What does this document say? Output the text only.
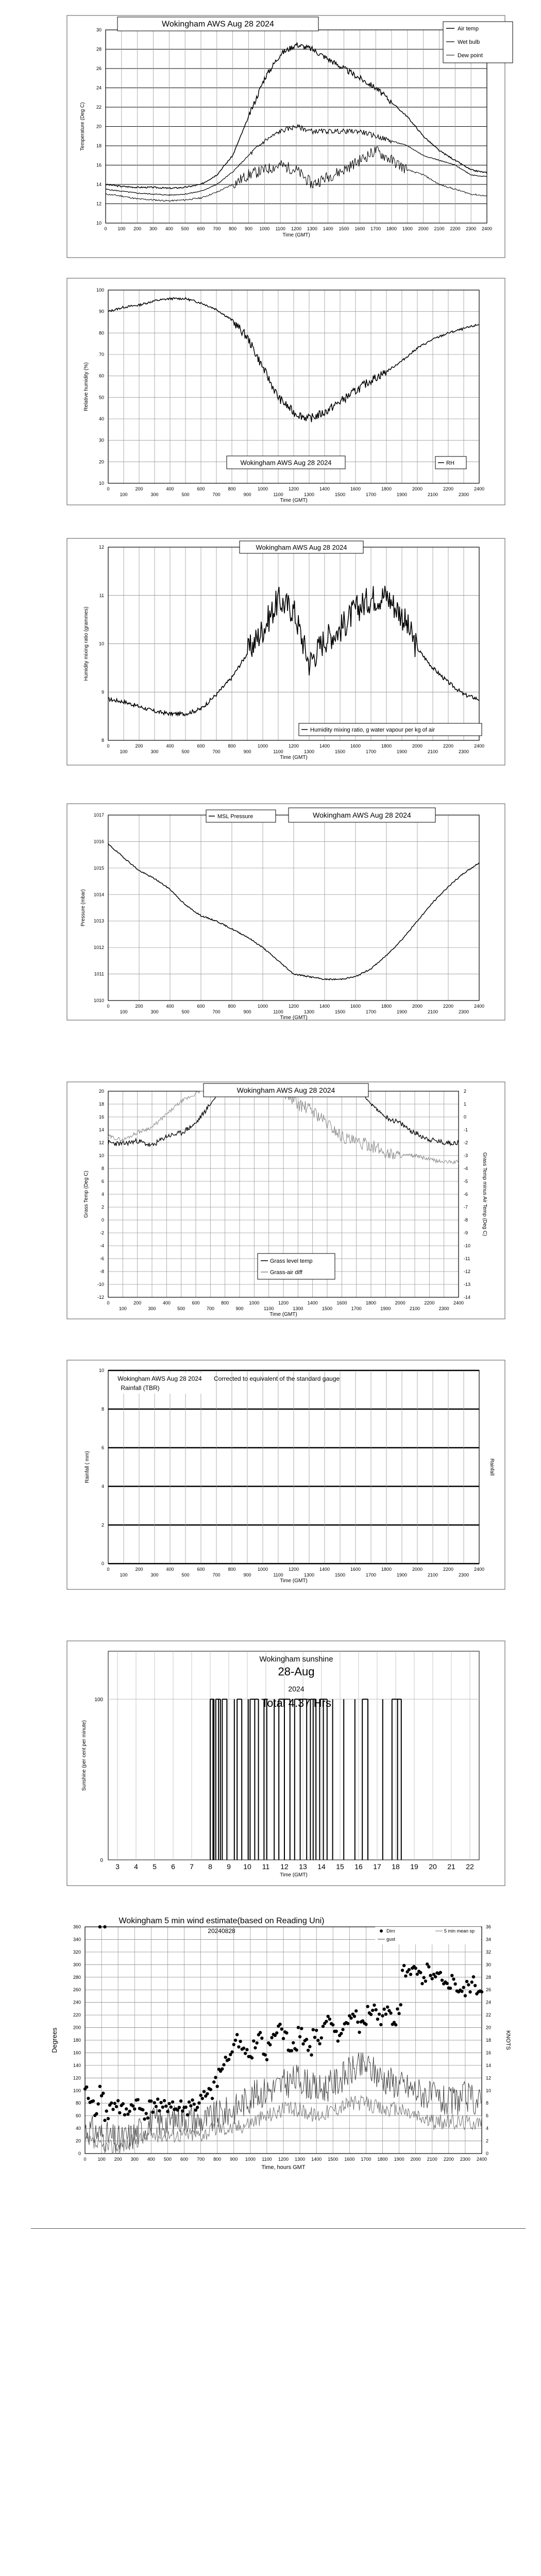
10
12
14
16
18
20
22
24
26
28
30
0 100 200 300 400 500 600 700 800 900 1000 1100 1200 1300 1400 1500 1600 1700 1800 1900 2000 2100 2200 2300 2400
Time (GMT)
Temperature (Deg C)
Wokingham AWS Aug 28 2024
Air temp
Wet bulb
Dew point
10
20
30
40
50
60
70
80
90
100
0	200	400	600	800	1000	1200	1400	1600	1800	2000	2200	2400
100	300	500	700	900	1100	1300	1500	1700	1900	2100	2300
Time (GMT)
Relative humidity (%)
Wokingham AWS Aug 28 2024	RH
8
9
10
11
12
0	200	400	600	800	1000	1200	1400	1600	1800	2000	2200	2400
100	300	500	700	900	1100	1300	1500	1700	1900	2100	2300
Time (GMT)
Humidity mixing ratio (grammes)
Wokingham AWS Aug 28 2024
Humidity mixing ratio, g water vapour per kg of air
1010
1011
1012
1013
1014
1015
1016
1017
0	200	400	600	800	1000	1200	1400	1600	1800	2000	2200	2400
100	300	500	700	900	1100	1300	1500	1700	1900	2100	2300
Time (GMT)
Pressure (mbar)
MSL Pressure	Wokingham AWS Aug 28 2024
-12
-10
-8
-6
-4
-2
0
2
4
6
8
10
12
14
16
18
20
-14
-13
-12
-11
-10
-9
-8
-7
-6
-5
-4
-3
-2
-1
0
1
2
0	200	400	600	800	1000	1200	1400	1600	1800	2000	2200	2400
100	300	500	700	900	1100	1300	1500	1700	1900	2100	2300
Time (GMT)
Grass Temp (Deg C)	Grass Temp minus Air Temp (Deg C)
Wokingham AWS Aug 28 2024
Grass level temp
Grass-air diff
0
2
4
6
8
10
0	200	400	600	800	1000	1200	1400	1600	1800	2000	2200	2400
100	300	500	700	900	1100	1300	1500	1700	1900	2100	2300
Time (GMT)
Rainfall ( mm)	Rainfall
Wokingham AWS Aug 28 2024
Rainfall (TBR)
Corrected to equivalent of the standard gauge
3 4 5 6 7 8 9 10 11 12 13 14 15 16 17 18 19 20 21 22
0
100
Sunshine (per cent per minute)
Time (GMT)
Wokingham sunshine
28-Aug
2024
Total 4.37 Hrs
0
20
40
60
80
100
120
140
160
180
200
220
240
260
280
300
320
340
360
0
2
4
6
8
10
12
14
16
18
20
22
24
26
28
30
32
34
36
0 100 200 300 400 500 600 700 800 900 1000 1100 1200 1300 1400 1500 1600 1700 1800 1900 2000 2100 2200 2300 2400
Time, hours GMT
Degrees	KNOTS
Wokingham 5 min wind estimate(based on Reading Uni)
20240828	Dirn
gust
5 min mean sp
